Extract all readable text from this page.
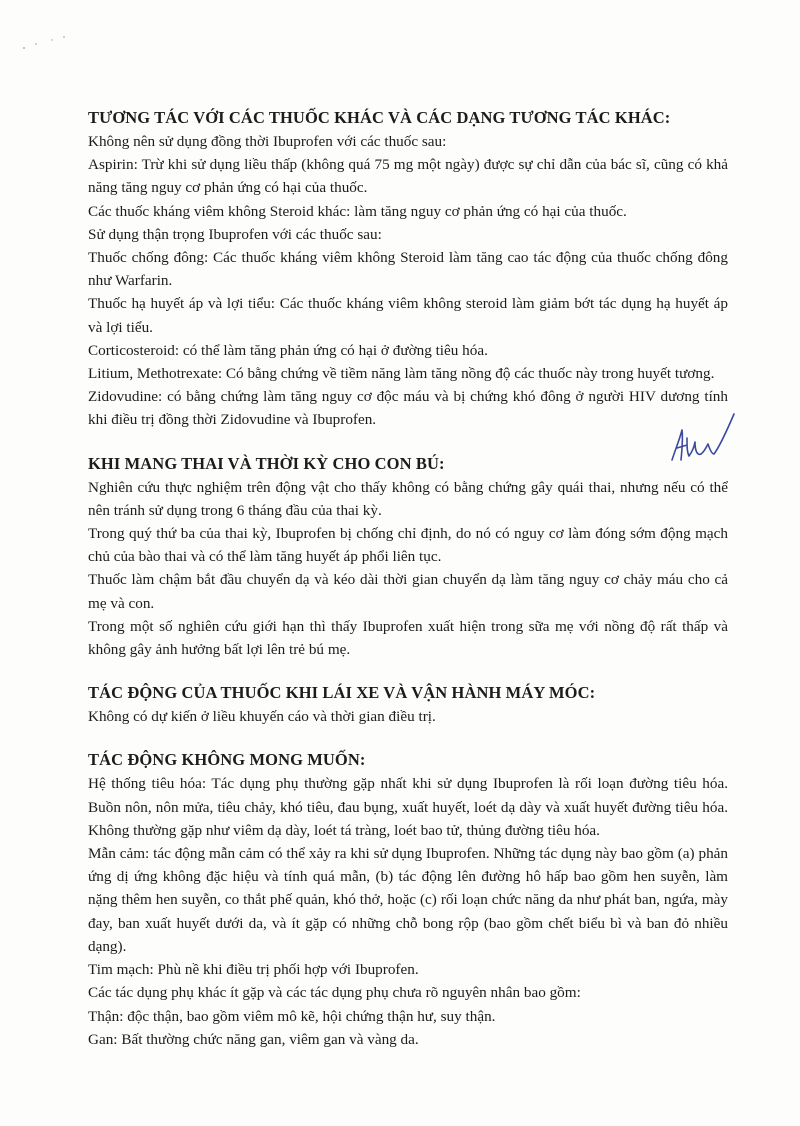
TƯƠNG TÁC VỚI CÁC THUỐC KHÁC VÀ CÁC DẠNG TƯƠNG TÁC KHÁC:

Không nên sử dụng đồng thời Ibuprofen với các thuốc sau:

Aspirin: Trừ khi sử dụng liều thấp (không quá 75 mg một ngày) được sự chỉ dẫn của bác sĩ, cũng có khả năng tăng nguy cơ phản ứng có hại của thuốc.

Các thuốc kháng viêm không Steroid khác: làm tăng nguy cơ phản ứng có hại của thuốc.

Sử dụng thận trọng Ibuprofen với các thuốc sau:

Thuốc chống đông: Các thuốc kháng viêm không Steroid làm tăng cao tác động của thuốc chống đông như Warfarin.

Thuốc hạ huyết áp và lợi tiểu: Các thuốc kháng viêm không steroid làm giảm bớt tác dụng hạ huyết áp và lợi tiểu.

Corticosteroid: có thể làm tăng phản ứng có hại ở đường tiêu hóa.

Litium, Methotrexate: Có bằng chứng về tiềm năng làm tăng nồng độ các thuốc này trong huyết tương.

Zidovudine: có bằng chứng làm tăng nguy cơ độc máu và bị chứng khó đông ở người HIV dương tính khi điều trị đồng thời Zidovudine và Ibuprofen.

KHI MANG THAI VÀ THỜI KỲ CHO CON BÚ:

Nghiên cứu thực nghiệm trên động vật cho thấy không có bằng chứng gây quái thai, nhưng nếu có thể nên tránh sử dụng trong 6 tháng đầu của thai kỳ.

Trong quý thứ ba của thai kỳ, Ibuprofen bị chống chỉ định, do nó có nguy cơ làm đóng sớm động mạch chủ của bào thai và có thể làm tăng huyết áp phổi liên tục.

Thuốc làm chậm bắt đầu chuyển dạ và kéo dài thời gian chuyển dạ làm tăng nguy cơ chảy máu cho cả mẹ và con.

Trong một số nghiên cứu giới hạn thì thấy Ibuprofen xuất hiện trong sữa mẹ với nồng độ rất thấp và không gây ảnh hưởng bất lợi lên trẻ bú mẹ.

TÁC ĐỘNG CỦA THUỐC KHI LÁI XE VÀ VẬN HÀNH MÁY MÓC:

Không có dự kiến ở liều khuyến cáo và thời gian điều trị.

TÁC ĐỘNG KHÔNG MONG MUỐN:

Hệ thống tiêu hóa: Tác dụng phụ thường gặp nhất khi sử dụng Ibuprofen là rối loạn đường tiêu hóa. Buồn nôn, nôn mửa, tiêu chảy, khó tiêu, đau bụng, xuất huyết, loét dạ dày và xuất huyết đường tiêu hóa. Không thường gặp như viêm dạ dày, loét tá tràng, loét bao tử, thủng đường tiêu hóa.

Mẫn cảm: tác động mẫn cảm có thể xảy ra khi sử dụng Ibuprofen. Những tác dụng này bao gồm (a) phản ứng dị ứng không đặc hiệu và tính quá mẫn, (b) tác động lên đường hô hấp bao gồm hen suyễn, làm nặng thêm hen suyễn, co thắt phế quản, khó thở, hoặc (c) rối loạn chức năng da như phát ban, ngứa, mày đay, ban xuất huyết dưới da, và ít gặp có những chỗ bong rộp (bao gồm chết biểu bì và ban đỏ nhiều dạng).

Tim mạch: Phù nề khi điều trị phối hợp với Ibuprofen.

Các tác dụng phụ khác ít gặp và các tác dụng phụ chưa rõ nguyên nhân bao gồm:

Thận: độc thận, bao gồm viêm mô kẽ, hội chứng thận hư, suy thận.

Gan: Bất thường chức năng gan, viêm gan và vàng da.
